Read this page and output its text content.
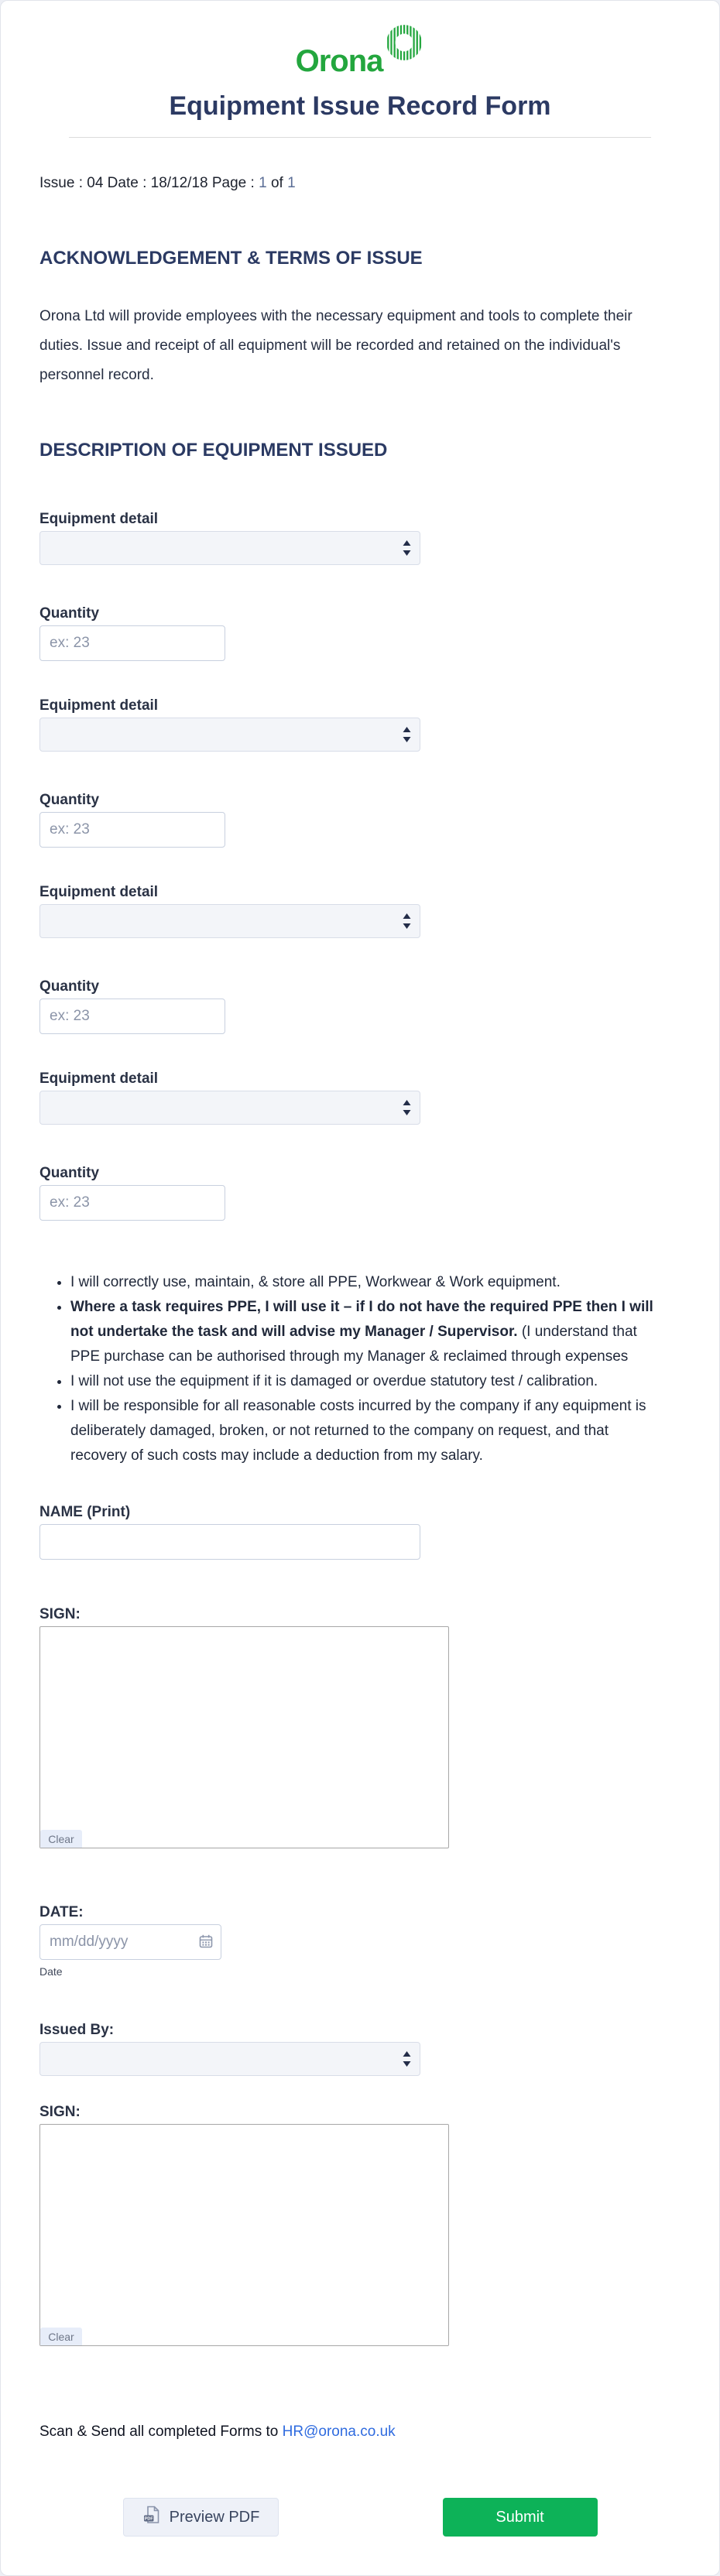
Orona
Equipment Issue Record Form
Issue : 04 Date : 18/12/18 Page : 1 of 1
ACKNOWLEDGEMENT & TERMS OF ISSUE

Orona Ltd will provide employees with the necessary equipment and tools to complete their duties. Issue and receipt of all equipment will be recorded and retained on the individual's personnel record.

DESCRIPTION OF EQUIPMENT ISSUED
Equipment detail
Quantity
ex: 23
Equipment detail
Quantity
ex: 23
Equipment detail
Quantity
ex: 23
Equipment detail
Quantity
ex: 23
• I will correctly use, maintain, & store all PPE, Workwear & Work equipment.
• Where a task requires PPE, I will use it – if I do not have the required PPE then I will not undertake the task and will advise my Manager / Supervisor. (I understand that PPE purchase can be authorised through my Manager & reclaimed through expenses
• I will not use the equipment if it is damaged or overdue statutory test / calibration.
• I will be responsible for all reasonable costs incurred by the company if any equipment is deliberately damaged, broken, or not returned to the company on request, and that recovery of such costs may include a deduction from my salary.
NAME (Print)
SIGN:
Clear
DATE:
mm/dd/yyyy
Date
Issued By:
SIGN:
Clear
Scan & Send all completed Forms to HR@orona.co.uk
PDF Preview PDF	Submit
